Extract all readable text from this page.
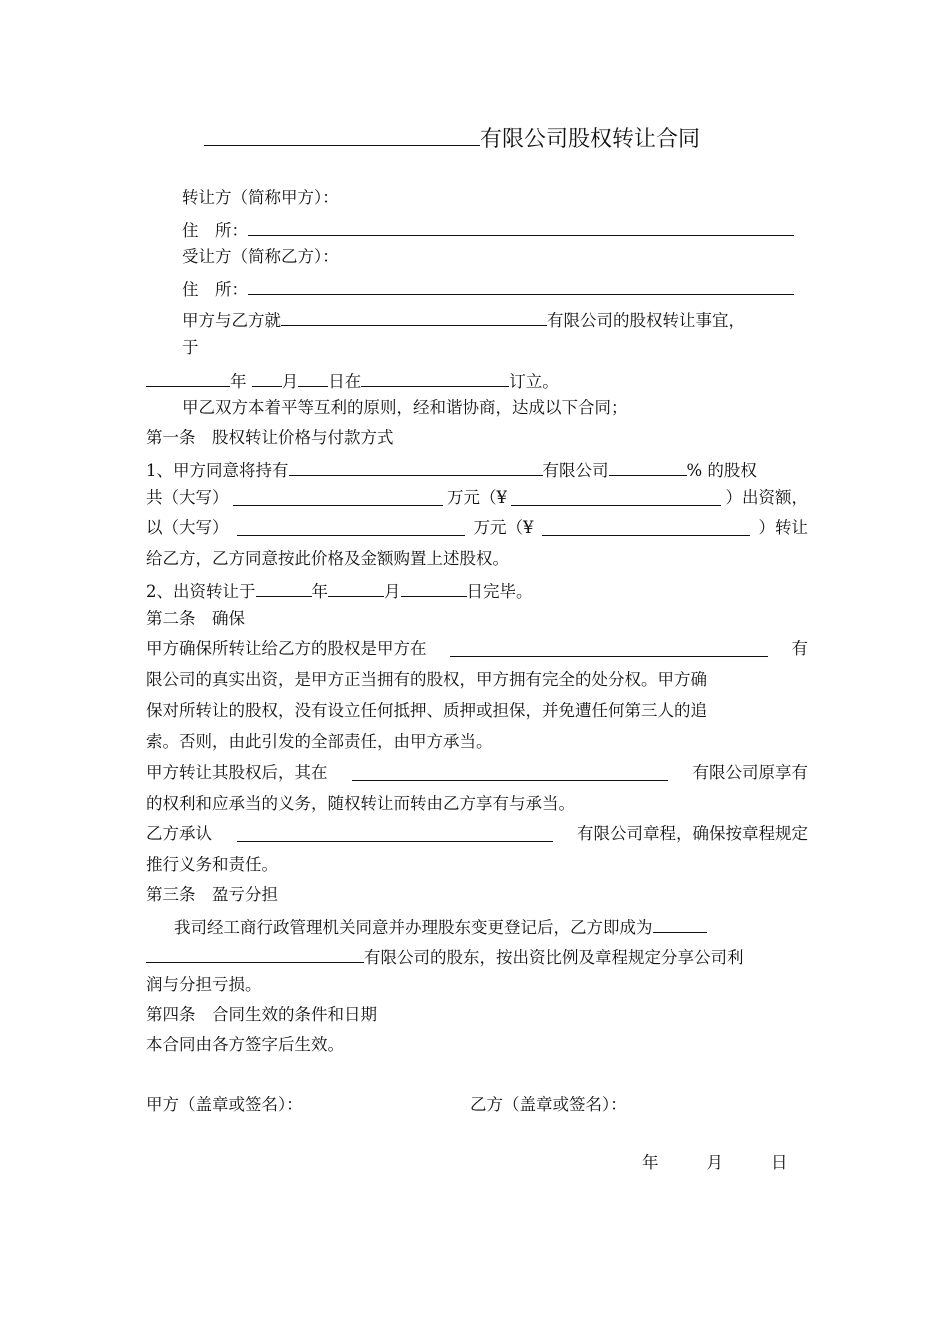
有限公司股权转让合同
转让方（简称甲方）：
住　所：
受让方（简称乙方）：
住　所：
甲方与乙方就	有限公司的股权转让事宜，
于
年 月 日在	订立。
甲乙双方本着平等互利的原则，经和谐协商，达成以下合同；
第一条　股权转让价格与付款方式
1、甲方同意将持有	有限公司	% 的股权
共（大写）	万元（¥	）出资额，
以（大写）	万元（¥	）转让
给乙方，乙方同意按此价格及金额购置上述股权。
2、出资转让于	年	月	日完毕。
第二条　确保
甲方确保所转让给乙方的股权是甲方在	有
限公司的真实出资，是甲方正当拥有的股权，甲方拥有完全的处分权。甲方确
保对所转让的股权，没有设立任何抵押、质押或担保，并免遭任何第三人的追
索。否则，由此引发的全部责任，由甲方承当。
甲方转让其股权后，其在	有限公司原享有
的权利和应承当的义务，随权转让而转由乙方享有与承当。
乙方承认	有限公司章程，确保按章程规定
推行义务和责任。
第三条　盈亏分担
我司经工商行政管理机关同意并办理股东变更登记后，乙方即成为
有限公司的股东，按出资比例及章程规定分享公司利
润与分担亏损。
第四条　合同生效的条件和日期
本合同由各方签字后生效。
甲方（盖章或签名）：	乙方（盖章或签名）：
年	月	日
